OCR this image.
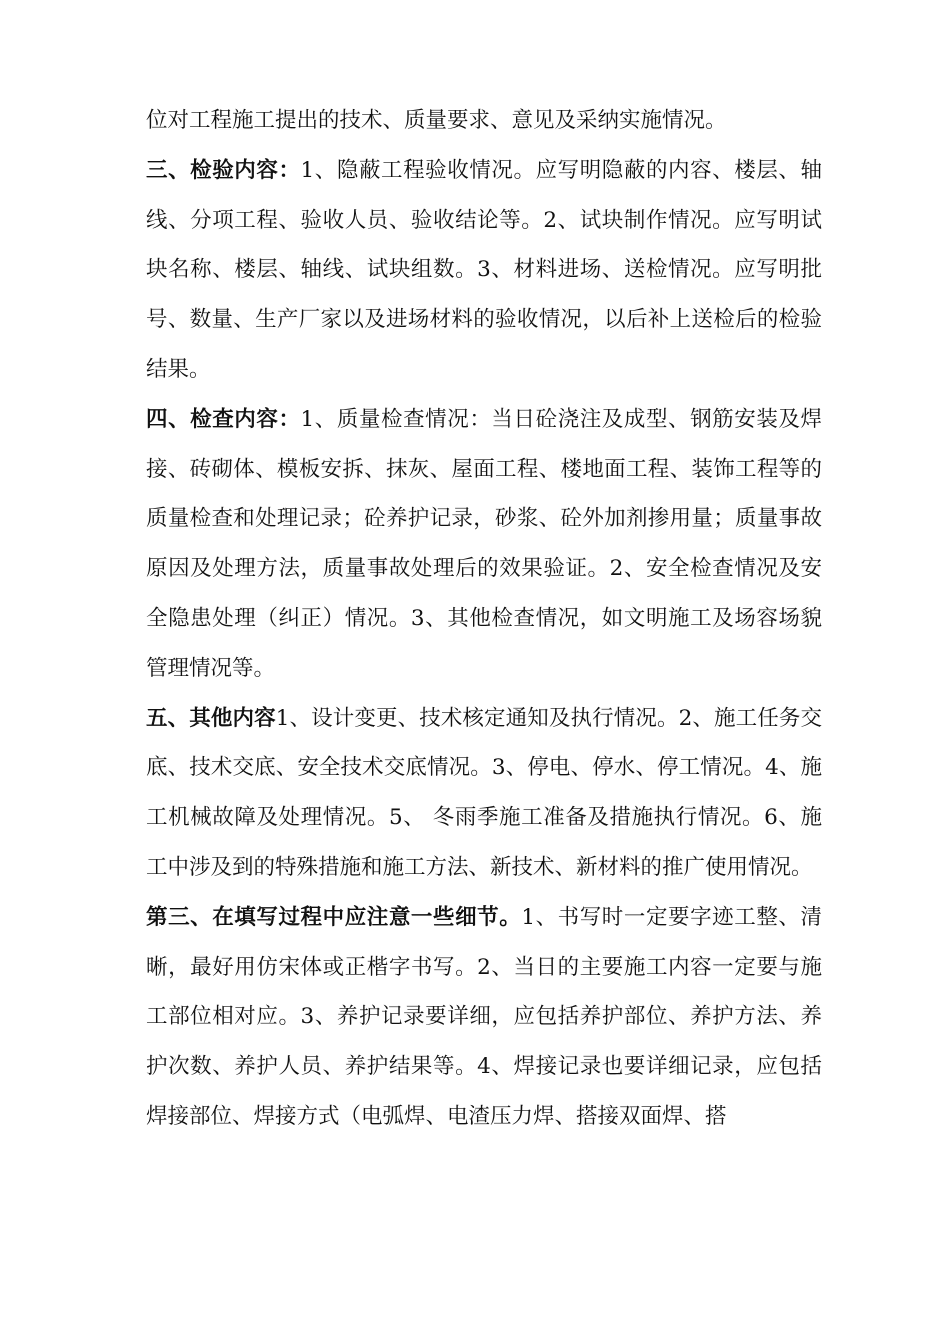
位对工程施工提出的技术、质量要求、意见及采纳实施情况。

三、检验内容：1、隐蔽工程验收情况。应写明隐蔽的内容、楼层、轴线、分项工程、验收人员、验收结论等。2、试块制作情况。应写明试块名称、楼层、轴线、试块组数。3、材料进场、送检情况。应写明批号、数量、生产厂家以及进场材料的验收情况，以后补上送检后的检验结果。

四、检查内容：1、质量检查情况：当日砼浇注及成型、钢筋安装及焊接、砖砌体、模板安拆、抹灰、屋面工程、楼地面工程、装饰工程等的质量检查和处理记录；砼养护记录，砂浆、砼外加剂掺用量；质量事故原因及处理方法，质量事故处理后的效果验证。2、安全检查情况及安全隐患处理（纠正）情况。3、其他检查情况，如文明施工及场容场貌管理情况等。

五、其他内容1、设计变更、技术核定通知及执行情况。2、施工任务交底、技术交底、安全技术交底情况。3、停电、停水、停工情况。4、施工机械故障及处理情况。5、 冬雨季施工准备及措施执行情况。6、施工中涉及到的特殊措施和施工方法、新技术、新材料的推广使用情况。

第三、在填写过程中应注意一些细节。1、书写时一定要字迹工整、清晰，最好用仿宋体或正楷字书写。2、当日的主要施工内容一定要与施工部位相对应。3、养护记录要详细，应包括养护部位、养护方法、养护次数、养护人员、养护结果等。4、焊接记录也要详细记录，应包括焊接部位、焊接方式（电弧焊、电渣压力焊、搭接双面焊、搭
